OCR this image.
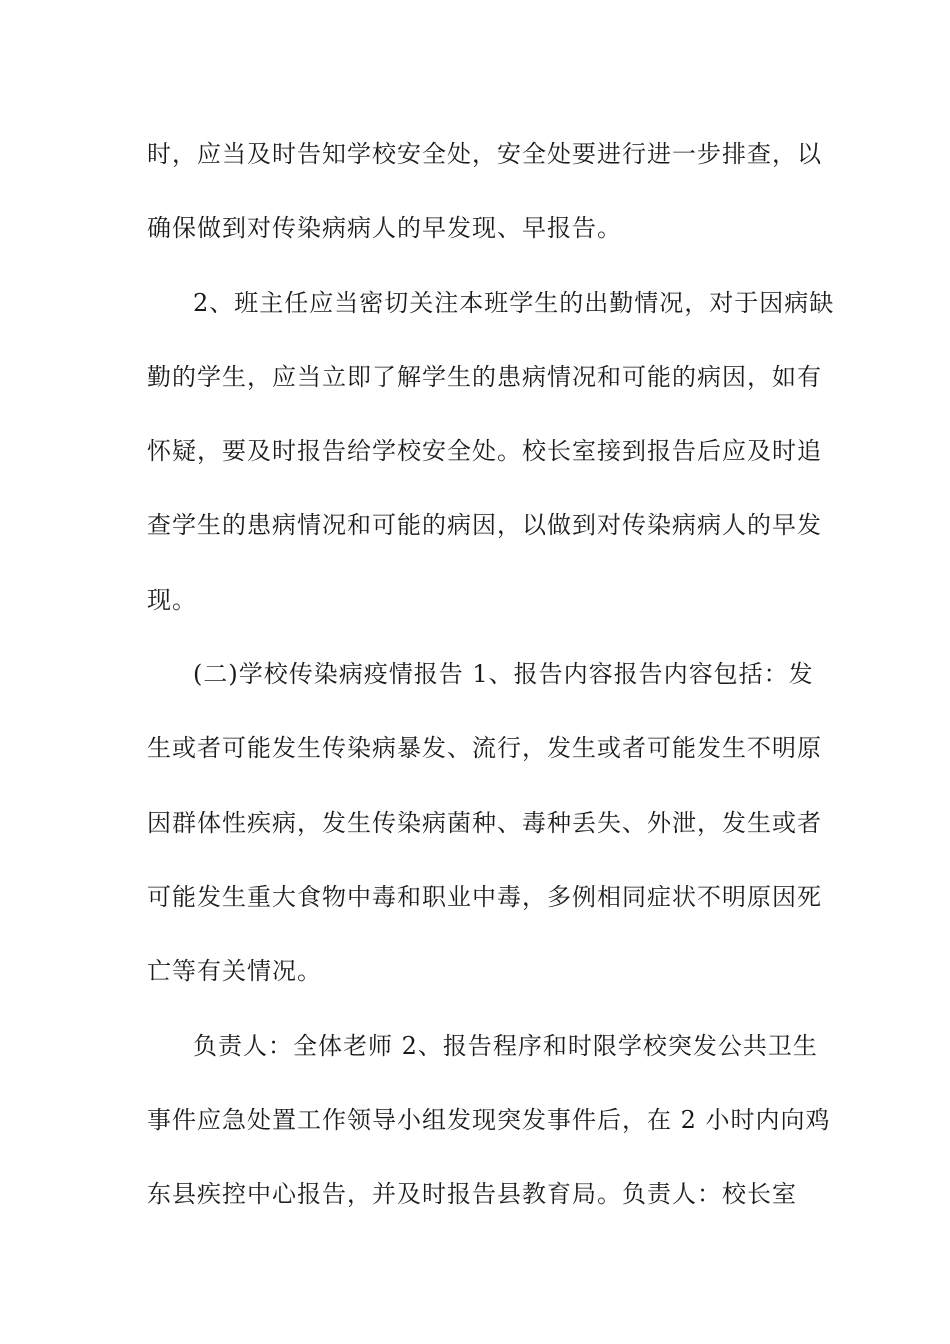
时，应当及时告知学校安全处，安全处要进行进一步排查，以
确保做到对传染病病人的早发现、早报告。
2、班主任应当密切关注本班学生的出勤情况，对于因病缺
勤的学生，应当立即了解学生的患病情况和可能的病因，如有
怀疑，要及时报告给学校安全处。校长室接到报告后应及时追
查学生的患病情况和可能的病因，以做到对传染病病人的早发
现。
(二)学校传染病疫情报告 1、报告内容报告内容包括：发
生或者可能发生传染病暴发、流行，发生或者可能发生不明原
因群体性疾病，发生传染病菌种、毒种丢失、外泄，发生或者
可能发生重大食物中毒和职业中毒，多例相同症状不明原因死
亡等有关情况。
负责人：全体老师 2、报告程序和时限学校突发公共卫生
事件应急处置工作领导小组发现突发事件后，在 2 小时内向鸡
东县疾控中心报告，并及时报告县教育局。负责人：校长室
